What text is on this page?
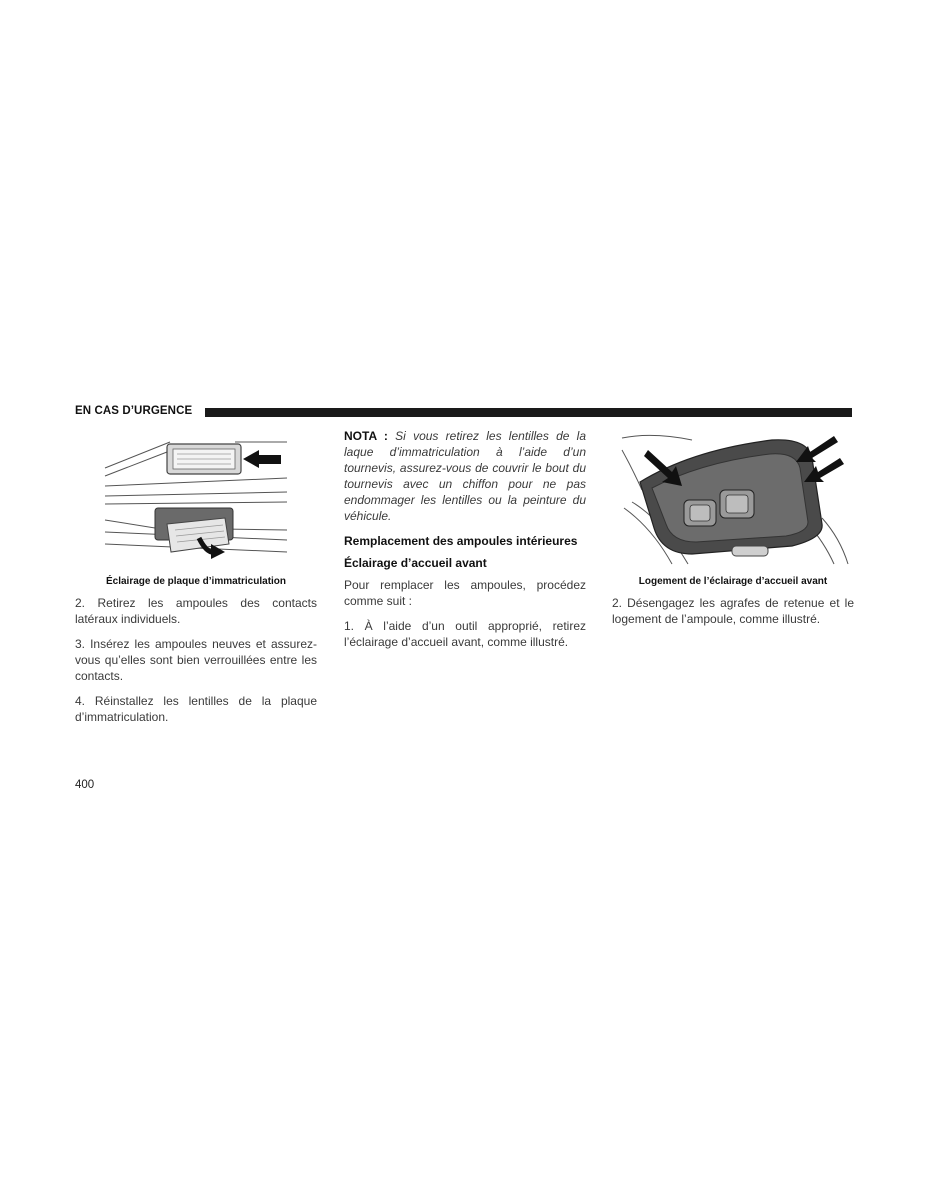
EN CAS D’URGENCE
Éclairage de plaque d’immatriculation

2. Retirez les ampoules des contacts latéraux individuels.

3. Insérez les ampoules neuves et assurez-vous qu’elles sont bien verrouillées entre les contacts.

4. Réinstallez les lentilles de la plaque d’immatriculation.

NOTA : Si vous retirez les lentilles de la laque d’immatriculation à l’aide d’un tournevis, assurez-vous de couvrir le bout du tournevis avec un chiffon pour ne pas endommager les lentilles ou la peinture du véhicule.

Remplacement des ampoules intérieures
Éclairage d’accueil avant

Pour remplacer les ampoules, procédez comme suit :

1. À l’aide d’un outil approprié, retirez l’éclairage d’accueil avant, comme illustré.

Logement de l’éclairage d’accueil avant

2. Désengagez les agrafes de retenue et le logement de l’ampoule, comme illustré.

400
